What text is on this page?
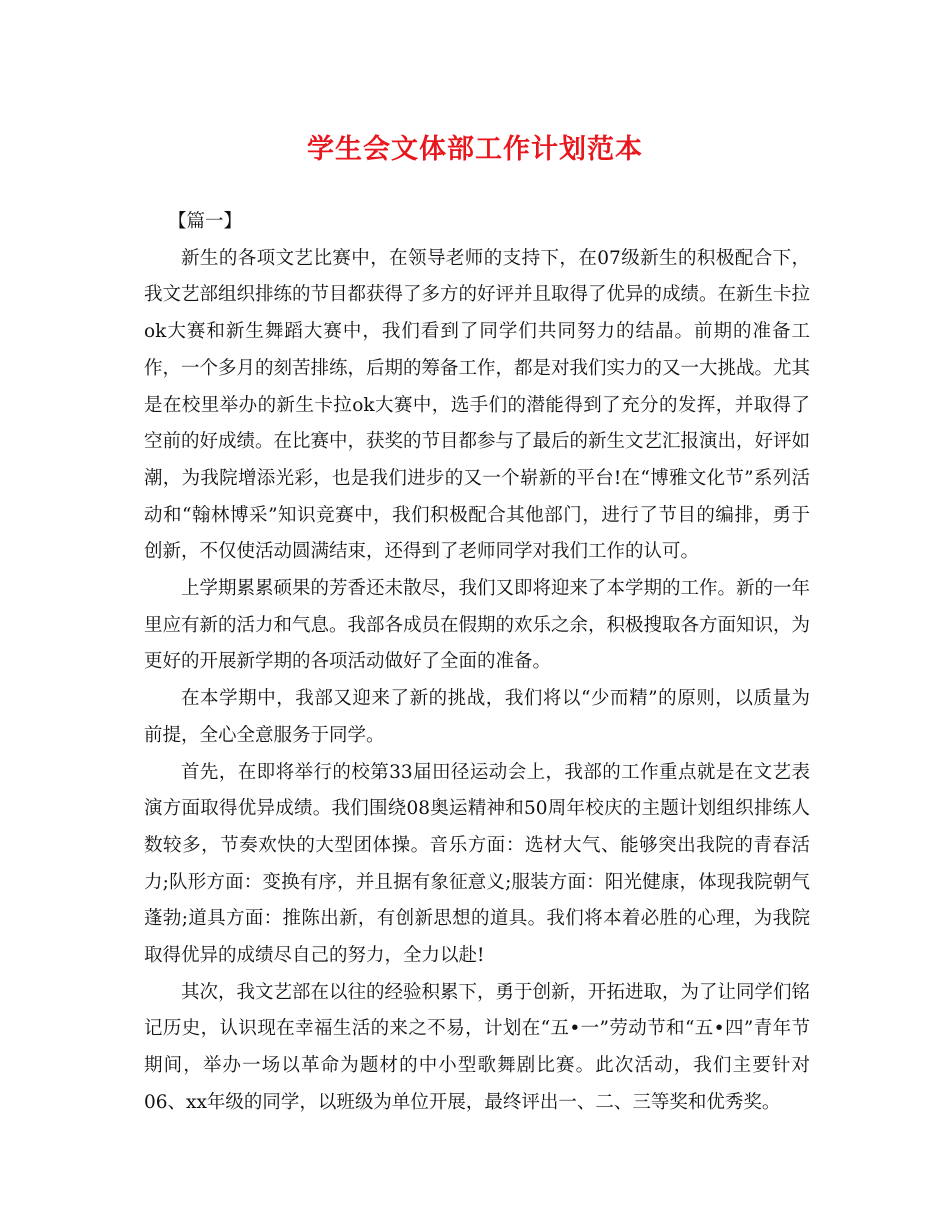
学生会文体部工作计划范本

【篇一】

新生的各项文艺比赛中，在领导老师的支持下，在07级新生的积极配合下，我文艺部组织排练的节目都获得了多方的好评并且取得了优异的成绩。在新生卡拉ok大赛和新生舞蹈大赛中，我们看到了同学们共同努力的结晶。前期的准备工作，一个多月的刻苦排练，后期的筹备工作，都是对我们实力的又一大挑战。尤其是在校里举办的新生卡拉ok大赛中，选手们的潜能得到了充分的发挥，并取得了空前的好成绩。在比赛中，获奖的节目都参与了最后的新生文艺汇报演出，好评如潮，为我院增添光彩，也是我们进步的又一个崭新的平台!在“博雅文化节”系列活动和“翰林博采”知识竞赛中，我们积极配合其他部门，进行了节目的编排，勇于创新，不仅使活动圆满结束，还得到了老师同学对我们工作的认可。

上学期累累硕果的芳香还未散尽，我们又即将迎来了本学期的工作。新的一年里应有新的活力和气息。我部各成员在假期的欢乐之余，积极搜取各方面知识，为更好的开展新学期的各项活动做好了全面的准备。

在本学期中，我部又迎来了新的挑战，我们将以“少而精”的原则，以质量为前提，全心全意服务于同学。

首先，在即将举行的校第33届田径运动会上，我部的工作重点就是在文艺表演方面取得优异成绩。我们围绕08奥运精神和50周年校庆的主题计划组织排练人数较多，节奏欢快的大型团体操。音乐方面：选材大气、能够突出我院的青春活力;队形方面：变换有序，并且据有象征意义;服装方面：阳光健康，体现我院朝气蓬勃;道具方面：推陈出新，有创新思想的道具。我们将本着必胜的心理，为我院取得优异的成绩尽自己的努力，全力以赴!

其次，我文艺部在以往的经验积累下，勇于创新，开拓进取，为了让同学们铭记历史，认识现在幸福生活的来之不易，计划在“五•一”劳动节和“五•四”青年节期间，举办一场以革命为题材的中小型歌舞剧比赛。此次活动，我们主要针对06、xx年级的同学，以班级为单位开展，最终评出一、二、三等奖和优秀奖。
